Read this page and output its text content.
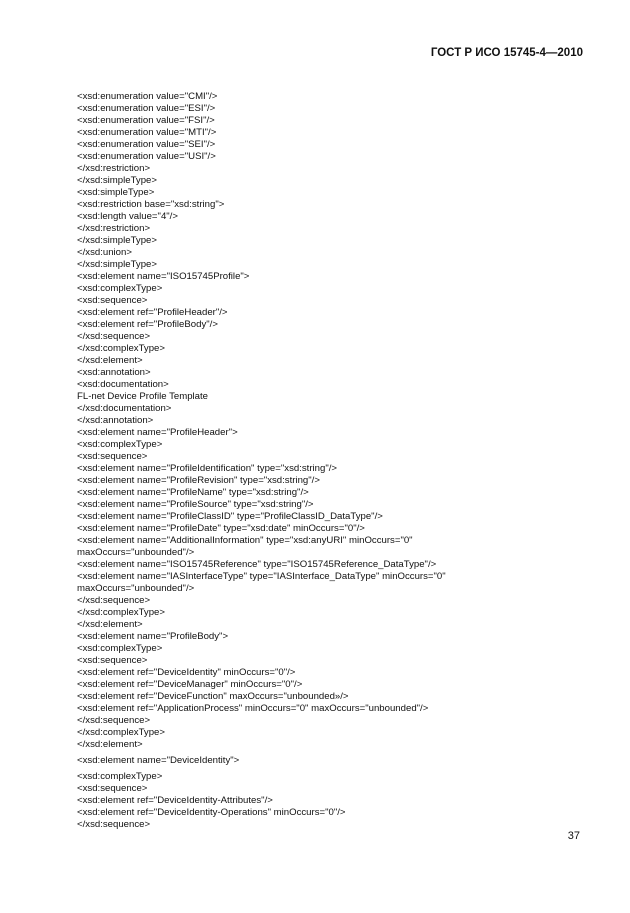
ГОСТ Р ИСО 15745-4—2010
<xsd:enumeration value="CMI"/>
<xsd:enumeration value="ESI"/>
<xsd:enumeration value="FSI"/>
<xsd:enumeration value="MTI"/>
<xsd:enumeration value="SEI"/>
<xsd:enumeration value="USI"/>
</xsd:restriction>
</xsd:simpleType>
<xsd:simpleType>
<xsd:restriction base="xsd:string">
<xsd:length value="4"/>
</xsd:restriction>
</xsd:simpleType>
</xsd:union>
</xsd:simpleType>
<xsd:element name="ISO15745Profile">
<xsd:complexType>
<xsd:sequence>
<xsd:element ref="ProfileHeader"/>
<xsd:element ref="ProfileBody"/>
</xsd:sequence>
</xsd:complexType>
</xsd:element>
<xsd:annotation>
<xsd:documentation>
FL-net Device Profile Template
</xsd:documentation>
</xsd:annotation>
<xsd:element name="ProfileHeader">
<xsd:complexType>
<xsd:sequence>
<xsd:element name="ProfileIdentification" type="xsd:string"/>
<xsd:element name="ProfileRevision" type="xsd:string"/>
<xsd:element name="ProfileName" type="xsd:string"/>
<xsd:element name="ProfileSource" type="xsd:string"/>
<xsd:element name="ProfileClassID" type="ProfileClassID_DataType"/>
<xsd:element name="ProfileDate" type="xsd:date" minOccurs="0"/>
<xsd:element name="AdditionalInformation" type="xsd:anyURI" minOccurs="0"
maxOccurs="unbounded"/>
<xsd:element name="ISO15745Reference" type="ISO15745Reference_DataType"/>
<xsd:element name="IASInterfaceType" type="IASInterface_DataType" minOccurs="0"
maxOccurs="unbounded"/>
</xsd:sequence>
</xsd:complexType>
</xsd:element>
<xsd:element name="ProfileBody">
<xsd:complexType>
<xsd:sequence>
<xsd:element ref="DeviceIdentity" minOccurs="0"/>
<xsd:element ref="DeviceManager" minOccurs="0"/>
<xsd:element ref="DeviceFunction" maxOccurs="unbounded»/>
<xsd:element ref="ApplicationProcess" minOccurs="0" maxOccurs="unbounded"/>
</xsd:sequence>
</xsd:complexType>
</xsd:element>
<xsd:element name="DeviceIdentity">
<xsd:complexType>
<xsd:sequence>
<xsd:element ref="DeviceIdentity-Attributes"/>
<xsd:element ref="DeviceIdentity-Operations" minOccurs="0"/>
</xsd:sequence>
37
